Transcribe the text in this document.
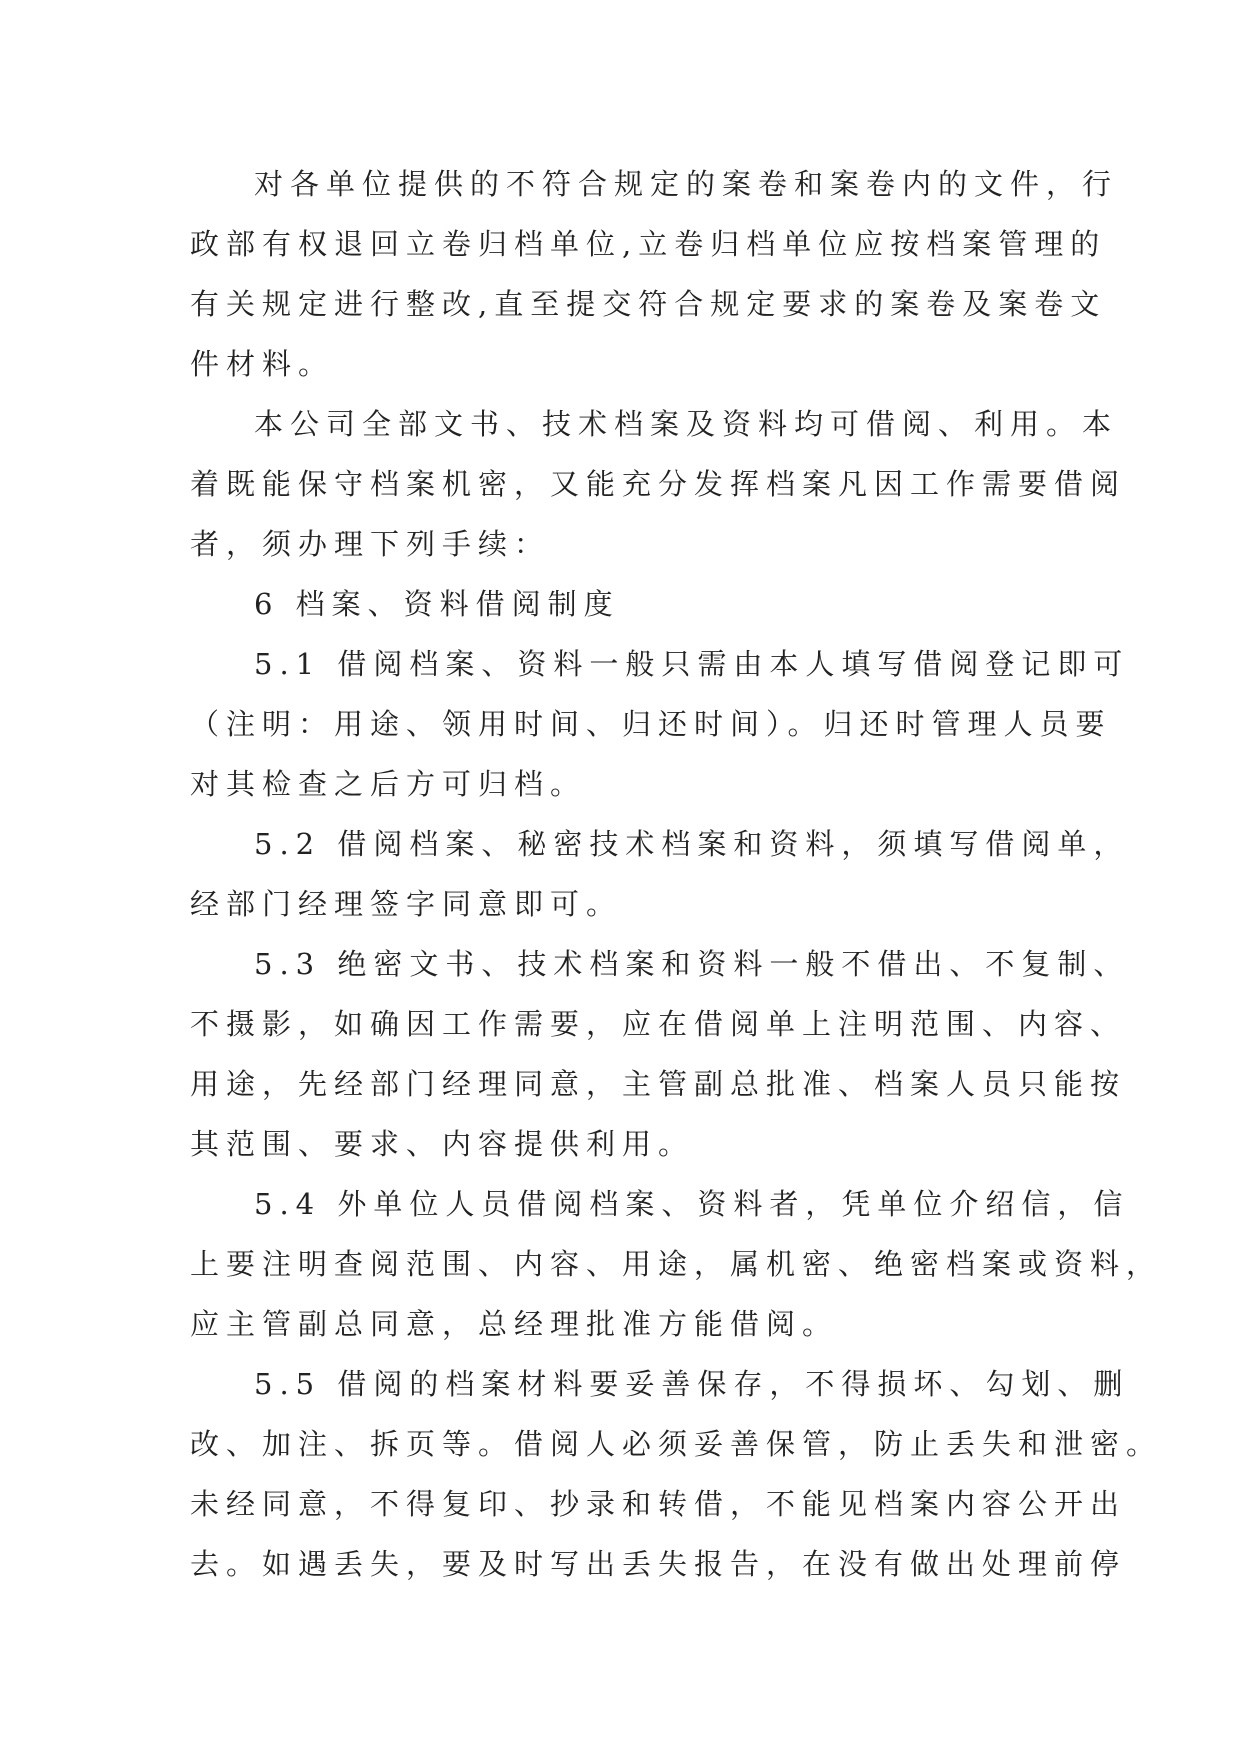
对各单位提供的不符合规定的案卷和案卷内的文件，行
政部有权退回立卷归档单位,立卷归档单位应按档案管理的
有关规定进行整改,直至提交符合规定要求的案卷及案卷文
件材料。
本公司全部文书、技术档案及资料均可借阅、利用。本
着既能保守档案机密，又能充分发挥档案凡因工作需要借阅
者，须办理下列手续：
6 档案、资料借阅制度
5.1 借阅档案、资料一般只需由本人填写借阅登记即可
（注明：用途、领用时间、归还时间）。归还时管理人员要
对其检查之后方可归档。
5.2 借阅档案、秘密技术档案和资料，须填写借阅单，
经部门经理签字同意即可。
5.3 绝密文书、技术档案和资料一般不借出、不复制、
不摄影，如确因工作需要，应在借阅单上注明范围、内容、
用途，先经部门经理同意，主管副总批准、档案人员只能按
其范围、要求、内容提供利用。
5.4 外单位人员借阅档案、资料者，凭单位介绍信，信
上要注明查阅范围、内容、用途，属机密、绝密档案或资料，
应主管副总同意，总经理批准方能借阅。
5.5 借阅的档案材料要妥善保存，不得损坏、勾划、删
改、加注、拆页等。借阅人必须妥善保管，防止丢失和泄密。
未经同意，不得复印、抄录和转借，不能见档案内容公开出
去。如遇丢失，要及时写出丢失报告，在没有做出处理前停
